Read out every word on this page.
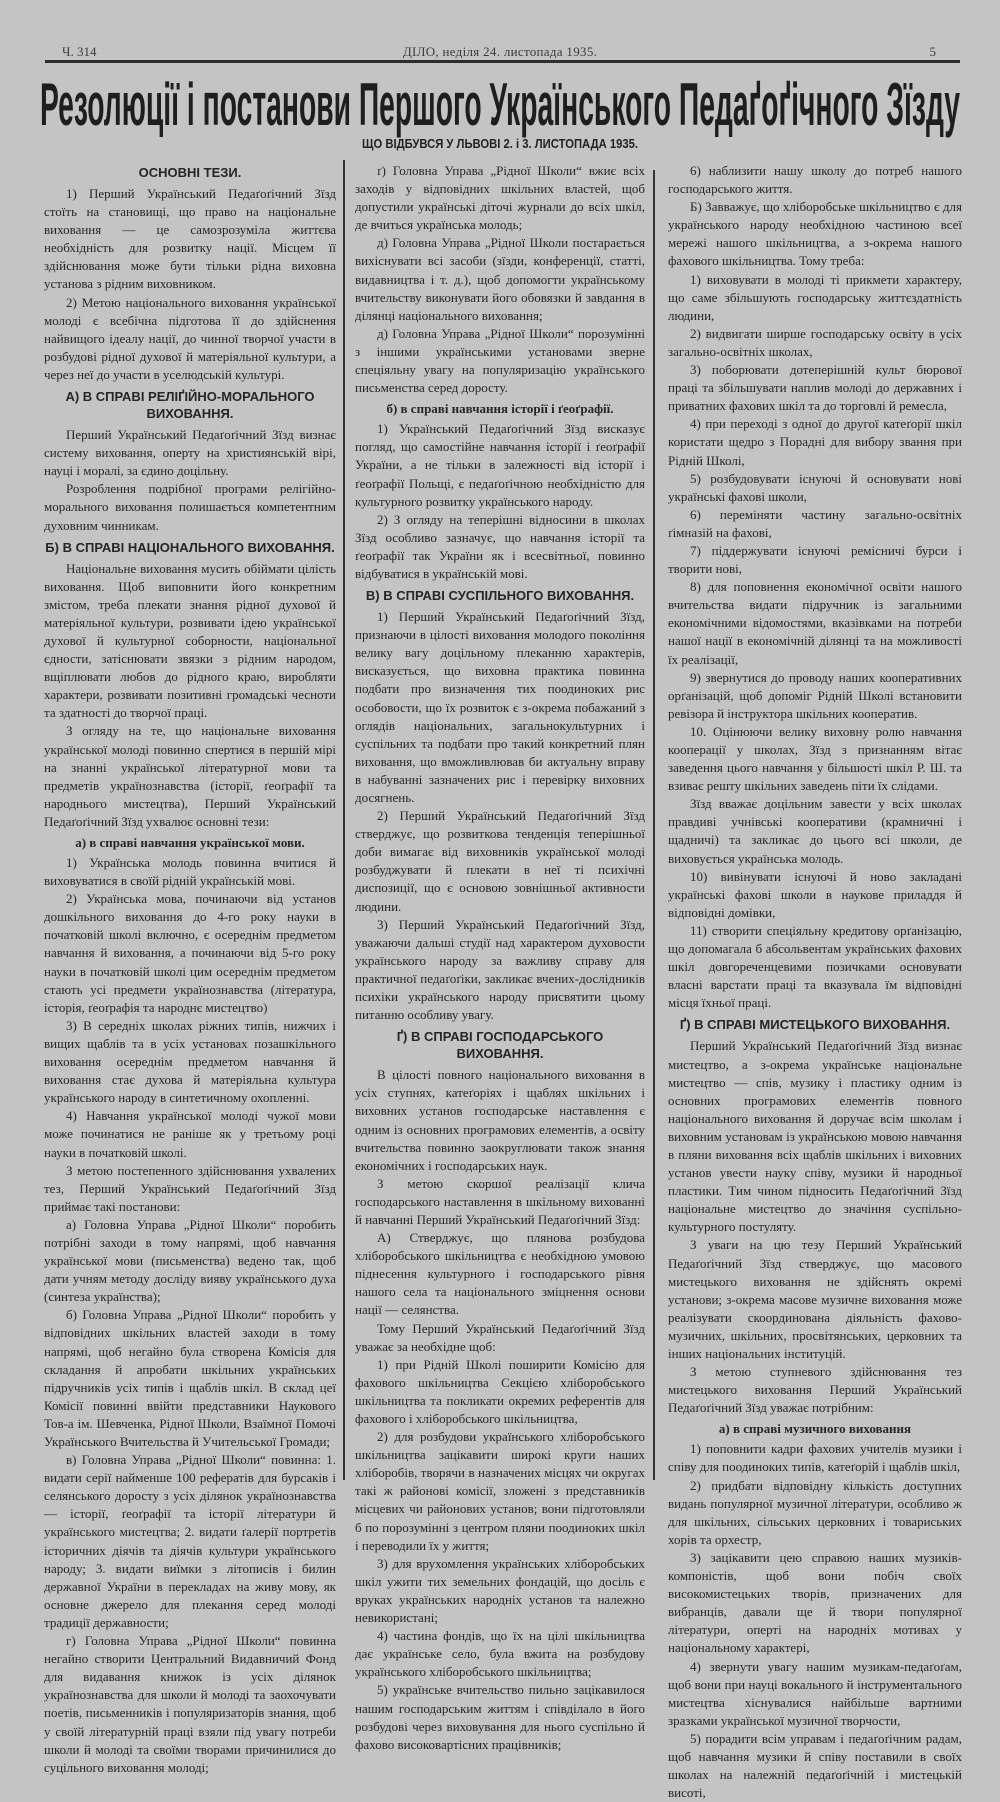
Ч. 314	ДІЛО, неділя 24. листопада 1935.	5
Резолюції і постанови Першого Українського Педаґоґічного Зїзду
ЩО ВІДБУВСЯ У ЛЬВОВІ 2. і 3. ЛИСТОПАДА 1935.
ОСНОВНІ ТЕЗИ.

1) Перший Український Педаґоґічний Зїзд стоїть на становищі, що право на національне виховання — це самозрозуміла життєва необхідність для розвитку нації. Місцем її здійснювання може бути тільки рідна виховна установа з рідним виховником.

2) Метою національного виховання української молоді є всебічна підготова її до здійснення найвищого ідеалу нації, до чинної творчої участи в розбудові рідної духової й матеріяльної культури, а через неї до участи в уселюдській культурі.

А) В СПРАВІ РЕЛІҐІЙНО-МОРАЛЬНОГО ВИХОВАННЯ.

Перший Український Педаґоґічний Зїзд визнає систему виховання, оперту на християнській вірі, науці і моралі, за єдино доцільну.

Розроблення подрібної програми релігійно-морального виховання полишається компетентним духовним чинникам.

Б) В СПРАВІ НАЦІОНАЛЬНОГО ВИХОВАННЯ.

Національне виховання мусить обіймати цілість виховання. Щоб виповнити його конкретним змістом, треба плекати знання рідної духової й матеріяльної культури, розвивати ідею української духової й культурної соборности, національної єдности, затіснювати звязки з рідним народом, вщіплювати любов до рідного краю, виробляти характери, розвивати позитивні громадські чесноти та здатності до творчої праці.

З огляду на те, що національне виховання української молоді повинно спертися в першій мірі на знанні української літературної мови та предметів українознавства (історії, ґеоґрафії та народнього мистецтва), Перший Український Педаґоґічний Зїзд ухвалює основні тези:

а) в справі навчання української мови.

1) Українська молодь повинна вчитися й виховуватися в своїй рідній українській мові.

2) Українська мова, починаючи від установ дошкільного виховання до 4-го року науки в початковій школі включно, є осереднім предметом навчання й виховання, а починаючи від 5-го року науки в початковій школі цим осереднім предметом стають усі предмети українознавства (література, історія, ґеоґрафія та народнє мистецтво)

3) В середніх школах ріжних типів, нижчих і вищих щаблів та в усіх установах позашкільного виховання осереднім предметом навчання й виховання стає духова й матеріяльна культура українського народу в синтетичному охопленні.

4) Навчання української молоді чужої мови може починатися не раніше як у третьому році науки в початковій школі.

З метою постепенного здійснювання ухвалених тез, Перший Український Педаґоґічний Зїзд приймає такі постанови:

а) Головна Управа „Рідної Школи“ поробить потрібні заходи в тому напрямі, щоб навчання української мови (письменства) ведено так, щоб дати учням методу досліду вияву українського духа (синтеза українства);

б) Головна Управа „Рідної Школи“ поробить у відповідних шкільних властей заходи в тому напрямі, щоб негайно була створена Комісія для складання й апробати шкільних українських підручників усіх типів і щаблів шкіл. В склад цеї Комісії повинні ввійти представники Наукового Тов-а ім. Шевченка, Рідної Школи, Взаїмної Помочі Українського Вчительства й Учительської Громади;

в) Головна Управа „Рідної Школи“ повинна: 1. видати серії найменше 100 рефератів для бурсаків і селянського доросту з усіх ділянок українознавства — історії, ґеоґрафії та історії літератури й українського мистецтва; 2. видати ґалерії портретів історичних діячів та діячів культури українського народу; 3. видати виїмки з літописів і билин державної України в перекладах на живу мову, як основне джерело для плекання серед молоді традиції державности;

г) Головна Управа „Рідної Школи“ повинна негайно створити Центральний Видавничий Фонд для видавання книжок із усіх ділянок українознавства для школи й молоді та заохочувати поетів, письменників і популяризаторів знання, щоб у своїй літературній праці взяли під увагу потреби школи й молоді та своїми творами причинилися до суцільного виховання молоді;

ґ) Головна Управа „Рідної Школи“ вжиє всіх заходів у відповідних шкільних властей, щоб допустили українські діточі журнали до всіх шкіл, де вчиться українська молодь;

д) Головна Управа „Рідної Школи постарається вихіснувати всі засоби (зїзди, конференції, статті, видавництва і т. д.), щоб допомогти українському вчительству виконувати його обовязки й завдання в ділянці національного виховання;

д) Головна Управа „Рідної Школи“ порозумінні з іншими українськими установами зверне спеціяльну увагу на популяризацію українського письменства серед доросту.

б) в справі навчання історії і ґеоґрафії.

1) Український Педаґоґічний Зїзд висказує погляд, що самостійне навчання історії і ґеоґрафії України, а не тільки в залежності від історії і ґеоґрафії Польщі, є педаґоґічною необхідністю для культурного розвитку українського народу.

2) З огляду на теперішні відносини в школах Зїзд особливо зазначує, що навчання історії та ґеоґрафії так України як і всесвітньої, повинно відбуватися в українській мові.

В) В СПРАВІ СУСПІЛЬНОГО ВИХОВАННЯ.

1) Перший Український Педаґоґічний Зїзд, признаючи в цілості виховання молодого покоління велику вагу доцільному плеканню характерів, висказується, що виховна практика повинна подбати про визначення тих поодиноких рис особовости, що їх розвиток є з-окрема побажаний з оглядів національних, загальнокультурних і суспільних та подбати про такий конкретний плян виховання, що вможливлював би актуальну вправу в набуванні зазначених рис і перевірку виховних досягнень.

2) Перший Український Педаґоґічний Зїзд стверджує, що розвиткова тенденція теперішньої доби вимагає від виховників української молоді розбуджувати й плекати в неї ті психічні диспозиції, що є основою зовнішньої активности людини.

3) Перший Український Педаґоґічний Зїзд, уважаючи дальші студії над характером духовости українського народу за важливу справу для практичної педаґоґіки, закликає вчених-дослідників психіки українського народу присвятити цьому питанню особливу увагу.

Ґ) В СПРАВІ ГОСПОДАРСЬКОГО ВИХОВАННЯ.

В цілості повного національного виховання в усіх ступнях, катеґоріях і щаблях шкільних і виховних установ господарське наставлення є одним із основних програмових елементів, а освіту вчительства повинно заокруглювати також знання економічних і господарських наук.

З метою скоршої реалізації клича господарського наставлення в шкільному вихованні й навчанні Перший Український Педаґоґічний Зїзд:

А) Стверджує, що плянова розбудова хліборобського шкільництва є необхідною умовою піднесення культурного і господарського рівня нашого села та національного зміцнення основи нації — селянства.

Тому Перший Український Педаґоґічний Зїзд уважає за необхідне щоб:

1) при Рідній Школі поширити Комісію для фахового шкільництва Секцією хліборобського шкільництва та покликати окремих референтів для фахового і хліборобського шкільництва,

2) для розбудови українського хліборобського шкільництва зацікавити широкі круги наших хліборобів, творячи в назначених місцях чи округах такі ж районові комісії, зложені з представників місцевих чи районових установ; вони підготовляли б по порозумінні з центром пляни поодиноких шкіл і переводили їх у життя;

3) для врухомлення українських хліборобських шкіл ужити тих земельних фондацій, що досіль є вруках українських народніх установ та належно невикористані;

4) частина фондів, що їх на цілі шкільництва дає українське село, була вжита на розбудову українського хліборобського шкільництва;

5) українське вчительство пильно зацікавилося нашим господарським життям і співділало в його розбудові через виховування для нього суспільно й фахово високовартісних працівників;

6) наблизити нашу школу до потреб нашого господарського життя.

Б) Завважує, що хліборобське шкільництво є для українського народу необхідною частиною всеї мережі нашого шкільництва, а з-окрема нашого фахового шкільництва. Тому треба:

1) виховувати в молоді ті прикмети характеру, що саме збільшують господарську життєздатність людини,

2) видвигати ширше господарську освіту в усіх загально-освітніх школах,

3) поборювати дотеперішній культ бюрової праці та збільшувати наплив молоді до державних і приватних фахових шкіл та до торговлі й ремесла,

4) при переході з одної до другої катеґорії шкіл користати щедро з Порадні для вибору звання при Рідній Школі,

5) розбудовувати існуючі й основувати нові українські фахові школи,

6) переміняти частину загально-освітніх ґімназій на фахові,

7) піддержувати існуючі ремісничі бурси і творити нові,

8) для поповнення економічної освіти нашого вчительства видати підручник із загальними економічними відомостями, вказівками на потреби нашої нації в економічній ділянці та на можливості їх реалізації,

9) звернутися до проводу наших кооперативних орґанізацій, щоб допоміг Рідній Школі встановити ревізора й інструктора шкільних кооператив.

10. Оцінюючи велику виховну ролю навчання кооперації у школах, Зїзд з признанням вітає заведення цього навчання у більшості шкіл Р. Ш. та взиває решту шкільних заведень піти їх слідами.

Зїзд вважає доцільним завести у всіх школах правдиві учнівські кооперативи (крамничні і щадничі) та закликає до цього всі школи, де виховується українська молодь.

10) вивінувати існуючі й ново закладані українські фахові школи в наукове приладдя й відповідні домівки,

11) створити спеціяльну кредитову орґанізацію, що допомагала б абсольвентам українських фахових шкіл довгореченцевими позичками основувати власні варстати праці та вказувала їм відповідні місця їхньої праці.

Ґ) В СПРАВІ МИСТЕЦЬКОГО ВИХОВАННЯ.

Перший Український Педаґоґічний Зїзд визнає мистецтво, а з-окрема українське національне мистецтво — спів, музику і пластику одним із основних програмових елементів повного національного виховання й доручає всім школам і виховним установам із українською мовою навчання в пляни виховання всіх щаблів шкільних і виховних установ увести науку співу, музики й народньої пластики. Тим чином підносить Педаґоґічний Зїзд національне мистецтво до значіння суспільно-культурного постуляту.

З уваги на цю тезу Перший Український Педаґоґічний Зїзд стверджує, що масового мистецького виховання не здійснять окремі установи; з-окрема масове музичне виховання може реалізувати скоординована діяльність фахово-музичних, шкільних, просвітянських, церковних та інших національних інституцій.

З метою ступневого здійснювання тез мистецького виховання Перший Український Педаґоґічний Зїзд уважає потрібним:

а) в справі музичного виховання

1) поповнити кадри фахових учителів музики і співу для поодиноких типів, катеґорій і щаблів шкіл,

2) придбати відповідну кількість доступних видань популярної музичної літератури, особливо ж для шкільних, сільських церковних і товариських хорів та орхестр,

3) зацікавити цею справою наших музиків-компоністів, щоб вони побіч своїх високомистецьких творів, призначених для вибранців, давали ще й твори популярної літератури, оперті на народніх мотивах у національному характері,

4) звернути увагу нашим музикам-педаґоґам, щоб вони при науці вокального й інструментального мистецтва хіснувалися найбільше вартними зразками української музичної творчости,

5) порадити всім управам і педаґоґічним радам, щоб навчання музики й співу поставили в своїх школах на належній педаґоґічній і мистецькій висоті,
